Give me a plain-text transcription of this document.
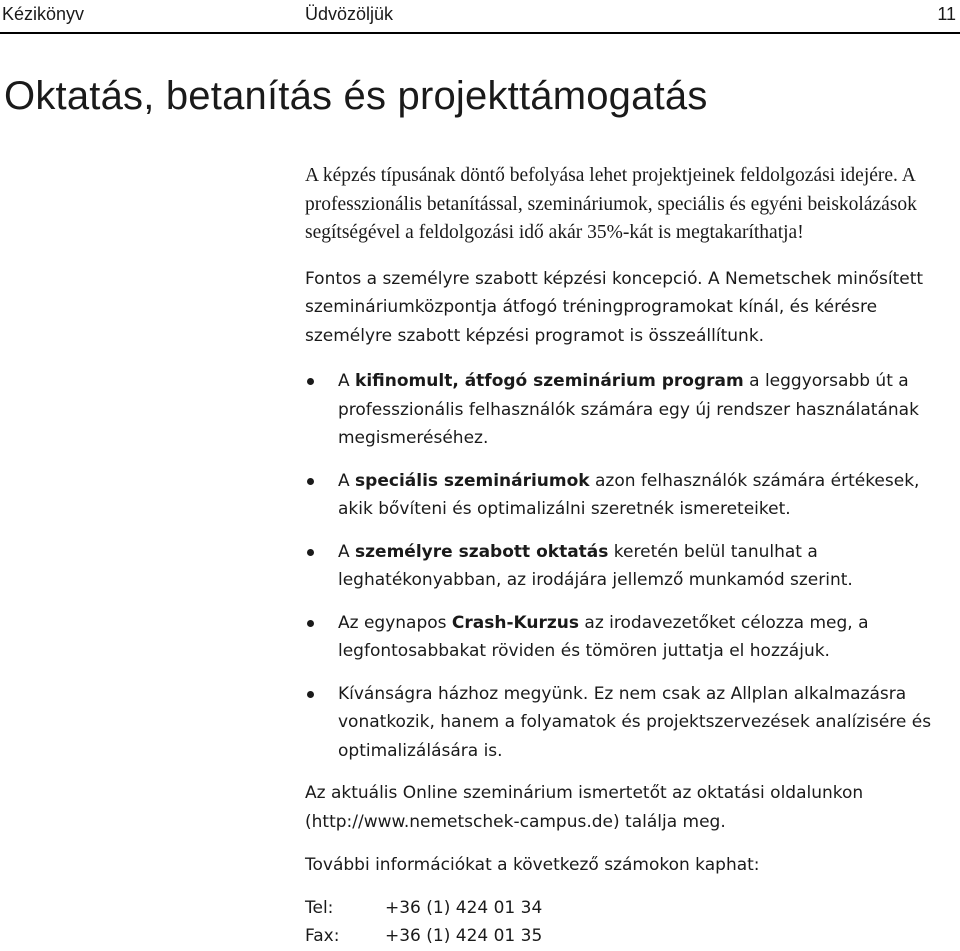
Kézikönyv	Üdvözöljük	11
Oktatás, betanítás és projekttámogatás

A képzés típusának döntő befolyása lehet projektjeinek feldolgozási idejére. A professzionális betanítással, szemináriumok, speciális és egyéni beiskolázások segítségével a feldolgozási idő akár 35%-kát is megtakaríthatja!

Fontos a személyre szabott képzési koncepció. A Nemetschek minősített szemináriumközpontja átfogó tréningprogramokat kínál, és kérésre személyre szabott képzési programot is összeállítunk.

A kifinomult, átfogó szeminárium program a leggyorsabb út a professzionális felhasználók számára egy új rendszer használatának megismeréséhez.
A speciális szemináriumok azon felhasználók számára értékesek, akik bővíteni és optimalizálni szeretnék ismereteiket.
A személyre szabott oktatás keretén belül tanulhat a leghatékonyabban, az irodájára jellemző munkamód szerint.
Az egynapos Crash-Kurzus az irodavezetőket célozza meg, a legfontosabbakat röviden és tömören juttatja el hozzájuk.
Kívánságra házhoz megyünk. Ez nem csak az Allplan alkalmazásra vonatkozik, hanem a folyamatok és projektszervezések analízisére és optimalizálására is.

Az aktuális Online szeminárium ismertetőt az oktatási oldalunkon (http://www.nemetschek-campus.de) találja meg.

További információkat a következő számokon kaphat:

Tel:	+36 (1) 424 01 34
Fax:	+36 (1) 424 01 35
